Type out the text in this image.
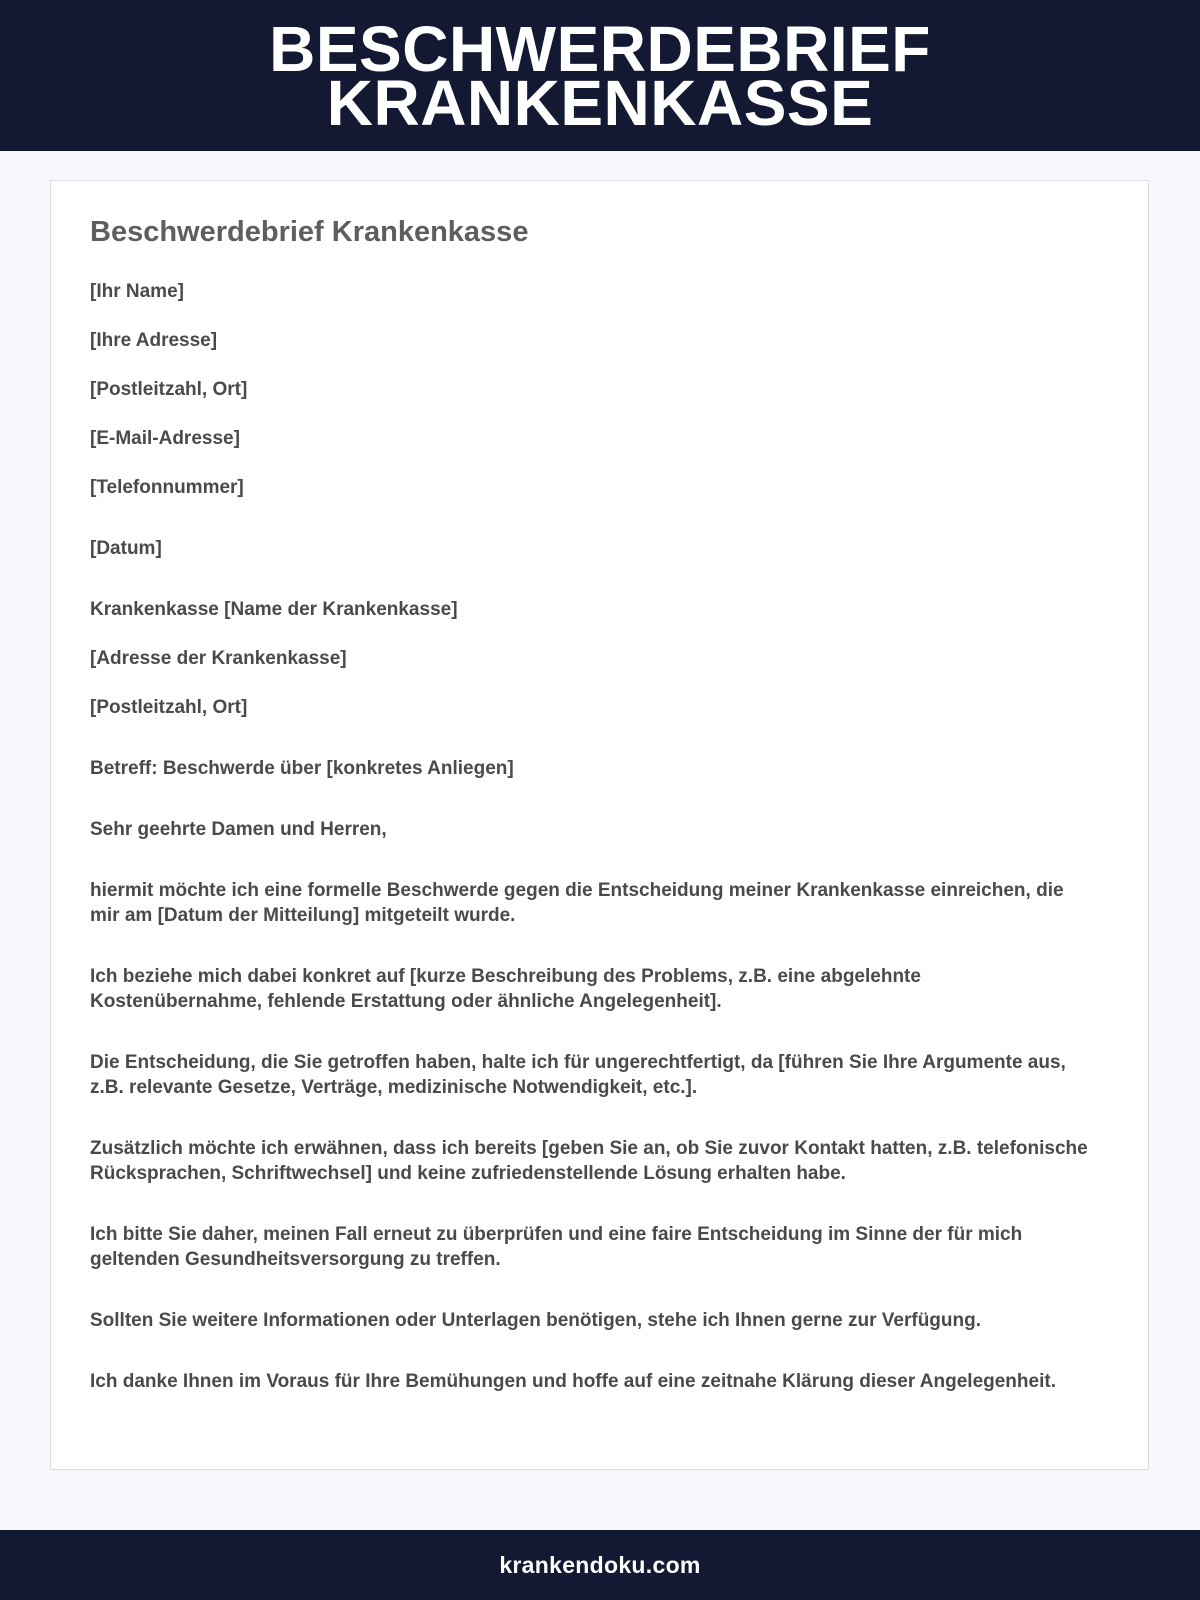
BESCHWERDEBRIEF
KRANKENKASSE
Beschwerdebrief Krankenkasse

[Ihr Name]

[Ihre Adresse]

[Postleitzahl, Ort]

[E-Mail-Adresse]

[Telefonnummer]

[Datum]

Krankenkasse [Name der Krankenkasse]

[Adresse der Krankenkasse]

[Postleitzahl, Ort]

Betreff: Beschwerde über [konkretes Anliegen]

Sehr geehrte Damen und Herren,

hiermit möchte ich eine formelle Beschwerde gegen die Entscheidung meiner Krankenkasse einreichen, die mir am [Datum der Mitteilung] mitgeteilt wurde.

Ich beziehe mich dabei konkret auf [kurze Beschreibung des Problems, z.B. eine abgelehnte Kostenübernahme, fehlende Erstattung oder ähnliche Angelegenheit].

Die Entscheidung, die Sie getroffen haben, halte ich für ungerechtfertigt, da [führen Sie Ihre Argumente aus, z.B. relevante Gesetze, Verträge, medizinische Notwendigkeit, etc.].

Zusätzlich möchte ich erwähnen, dass ich bereits [geben Sie an, ob Sie zuvor Kontakt hatten, z.B. telefonische Rücksprachen, Schriftwechsel] und keine zufriedenstellende Lösung erhalten habe.

Ich bitte Sie daher, meinen Fall erneut zu überprüfen und eine faire Entscheidung im Sinne der für mich geltenden Gesundheitsversorgung zu treffen.

Sollten Sie weitere Informationen oder Unterlagen benötigen, stehe ich Ihnen gerne zur Verfügung.

Ich danke Ihnen im Voraus für Ihre Bemühungen und hoffe auf eine zeitnahe Klärung dieser Angelegenheit.

krankendoku.com
